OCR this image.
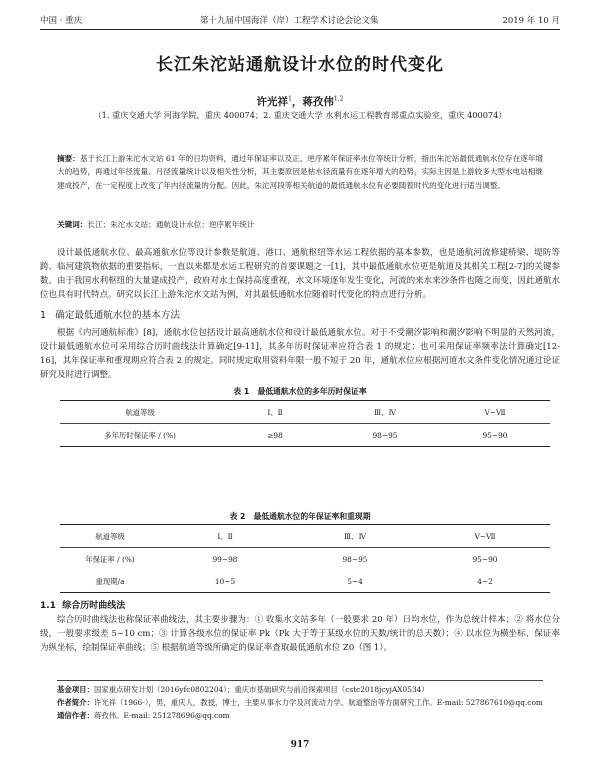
中国 · 重庆	第十九届中国海洋（岸）工程学术讨论会论文集	2019 年 10 月
长江朱沱站通航设计水位的时代变化
许光祥$^1$，蒋孜伟$^{1,2}$
（1. 重庆交通大学 河海学院，重庆 400074；2. 重庆交通大学 水利水运工程教育部重点实验室，重庆 400074）
摘要：基于长江上游朱沱水文站 61 年的日均资料，通过年保证率以及正、逆序累年保证率水位等统计分析，指出朱沱站最低通航水位存在逐年增大的趋势，再通过年径流量、月径流量统计以及相关性分析，其主要原因是枯水径流量有在逐年增大的趋势，实际主因是上游较多大型水电站相继建成投产，在一定程度上改变了年内径流量的分配。因此，朱沱河段等相关航道的最低通航水位有必要随着时代的变化进行适当调整。
关键词：长江；朱沱水文站；通航设计水位；逆序累年统计
设计最低通航水位、最高通航水位等设计参数是航道、港口、通航枢纽等水运工程依据的基本参数，也是通航河流修建桥梁、堤防等跨、临河建筑物依据的重要指标，一直以来都是水运工程研究的首要课题之一[1]，其中最低通航水位更是航道及其相关工程[2-7]的关键参数。由于我国水利枢纽的大量建成投产，政府对水土保持高度重视，水文环境逐年发生变化，河流的来水来沙条件也随之而变，因此通航水位也具有时代特点。研究以长江上游朱沱水文站为例，对其最低通航水位随着时代变化的特点进行分析。
1 确定最低通航水位的基本方法
根据《内河通航标准》[8]，通航水位包括设计最高通航水位和设计最低通航水位。对于不受潮汐影响和潮汐影响不明显的天然河流，设计最低通航水位可采用综合历时曲线法计算确定[9-11]，其多年历时保证率应符合表 1 的规定；也可采用保证率频率法计算确定[12-16]，其年保证率和重现期应符合表 2 的规定。同时规定取用资料年限一般不短于 20 年，通航水位应根据河道水文条件变化情况通过论证研究及时进行调整。
表 1 最低通航水位的多年历时保证率
航道等级	Ⅰ、Ⅱ	Ⅲ、Ⅳ	Ⅴ~Ⅶ
多年历时保证率 / (%)	≥98	98~95	95~90
表 2 最低通航水位的年保证率和重现期
航道等级	Ⅰ、Ⅱ	Ⅲ、Ⅳ	Ⅴ~Ⅶ
年保证率 / (%)	99~98	98~95	95~90
重现期/a	10~5	5~4	4~2
1.1 综合历时曲线法
综合历时曲线法也称保证率曲线法，其主要步骤为：① 收集水文站多年（一般要求 20 年）日均水位，作为总统计样本；② 将水位分级，一般要求级差 5~10 cm；③ 计算各级水位的保证率 Pk（Pk 大于等于某级水位的天数/统计的总天数）；④ 以水位为横坐标、保证率为纵坐标，绘制保证率曲线；⑤ 根据航道等级所确定的保证率查取最低通航水位 Z0（图 1）。
基金项目：国家重点研发计划（2016yfc0802204）；重庆市基础研究与前沿探索项目（cstc2018jcyjAX0534）
作者简介：许光祥（1966-），男，重庆人，教授，博士，主要从事水力学及河流动力学、航道整治等方面研究工作。E-mail: 527867610@qq.com
通信作者：蒋孜伟。E-mail: 251278696@qq.com
917
